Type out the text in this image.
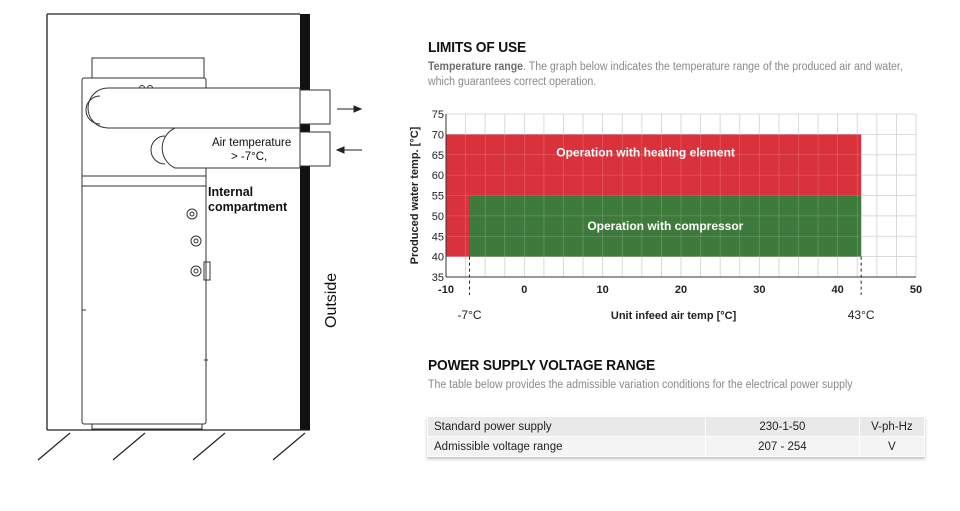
Air temperature
> -7°C,
Internal
compartment
Outside
LIMITS OF USE
Temperature range. The graph below indicates the temperature range of the produced air and water, which guarantees correct operation.
Operation with heating element
Operation with compressor
-10	0	10	20	30	40	50
35
40
45
50
55
60
65
70
75
-7°C	43°C
Unit infeed air temp [°C]
Produced water temp. [°C]
POWER SUPPLY VOLTAGE RANGE
The table below provides the admissible variation conditions for the electrical power supply
Standard power supply	230-1-50	V-ph-Hz
Admissible voltage range	207 - 254	V
